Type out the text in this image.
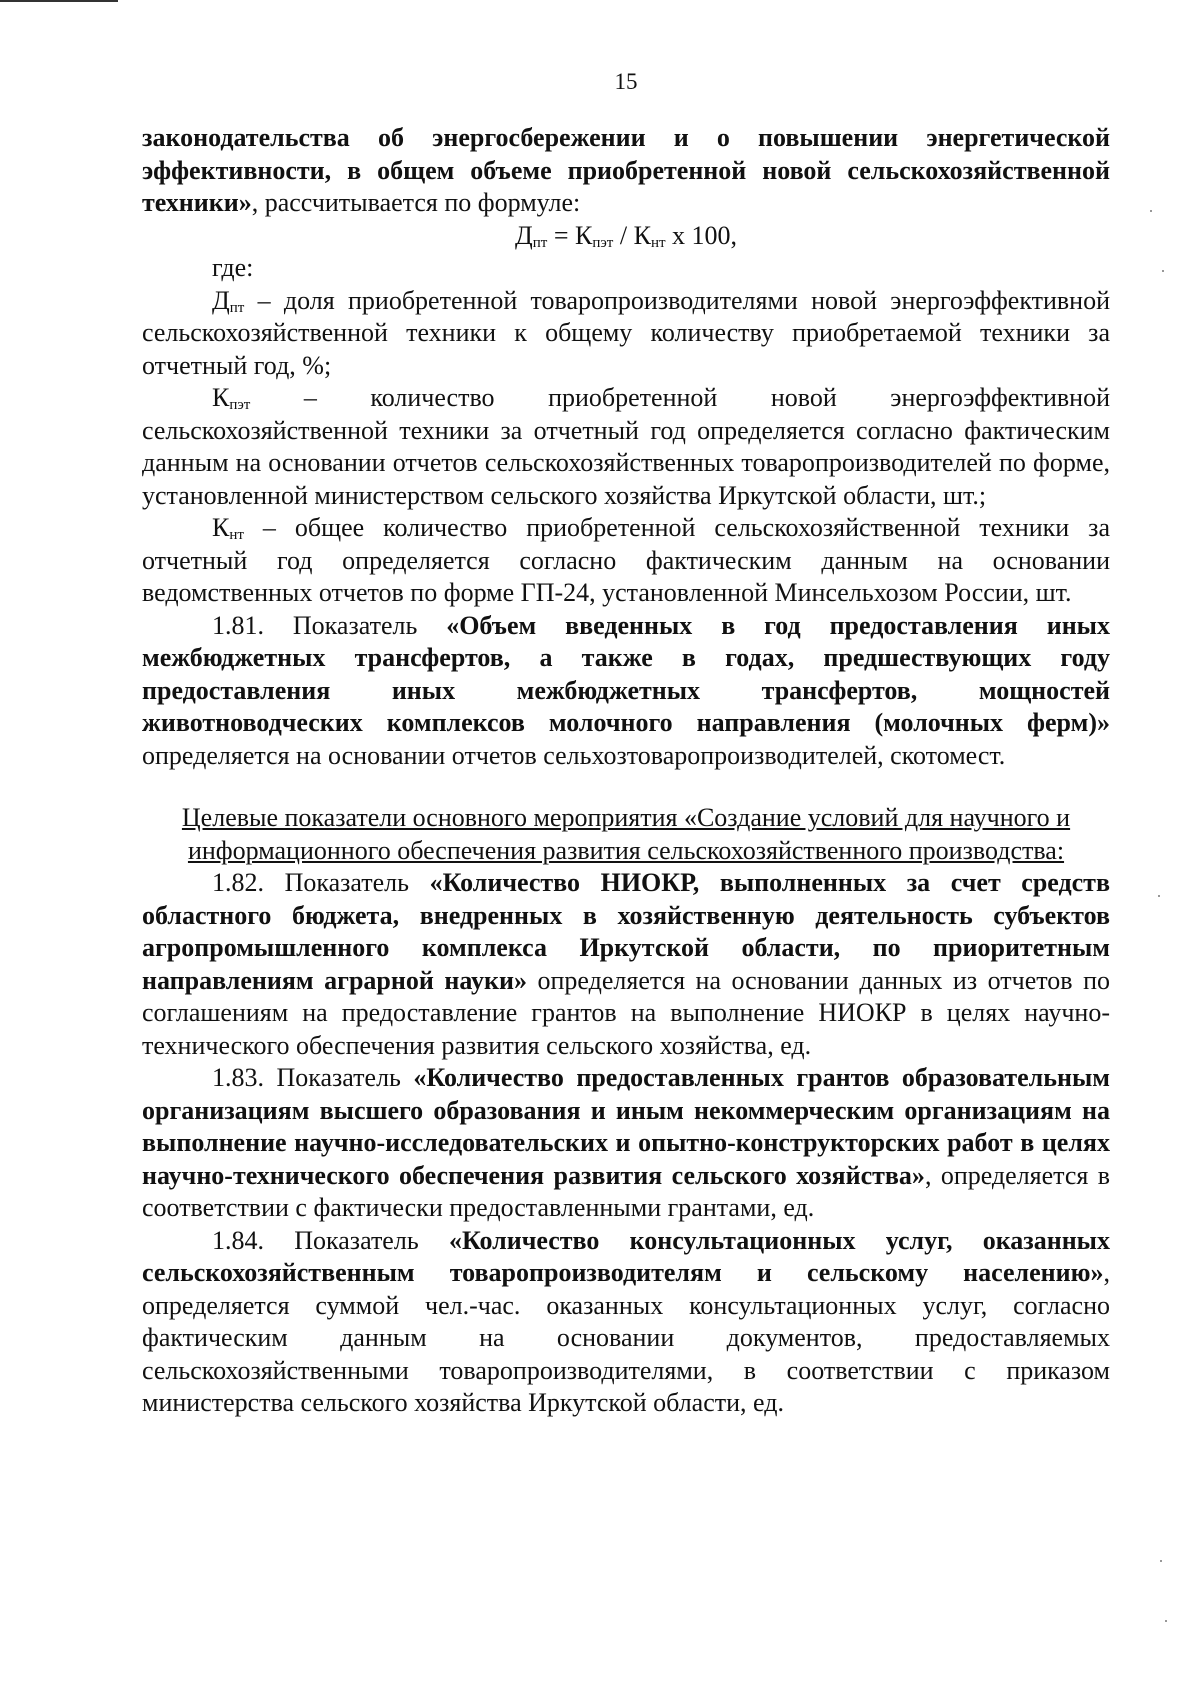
15

законодательства об энергосбережении и о повышении энергетической эффективности, в общем объеме приобретенной новой сельскохозяйственной техники», рассчитывается по формуле:

$Д_{пт} = К_{пэт} / К_{нт}$ х 100,

где:

$Д_{пт}$ – доля приобретенной товаропроизводителями новой энергоэффективной сельскохозяйственной техники к общему количеству приобретаемой техники за отчетный год, %;

$К_{пэт}$ – количество приобретенной новой энергоэффективной сельскохозяйственной техники за отчетный год определяется согласно фактическим данным на основании отчетов сельскохозяйственных товаропроизводителей по форме, установленной министерством сельского хозяйства Иркутской области, шт.;

$К_{нт}$ – общее количество приобретенной сельскохозяйственной техники за отчетный год определяется согласно фактическим данным на основании ведомственных отчетов по форме ГП-24, установленной Минсельхозом России, шт.

1.81. Показатель «Объем введенных в год предоставления иных межбюджетных трансфертов, а также в годах, предшествующих году предоставления иных межбюджетных трансфертов, мощностей животноводческих комплексов молочного направления (молочных ферм)» определяется на основании отчетов сельхозтоваропроизводителей, скотомест.

Целевые показатели основного мероприятия «Создание условий для научного и информационного обеспечения развития сельскохозяйственного производства:

1.82. Показатель «Количество НИОКР, выполненных за счет средств областного бюджета, внедренных в хозяйственную деятельность субъектов агропромышленного комплекса Иркутской области, по приоритетным направлениям аграрной науки» определяется на основании данных из отчетов по соглашениям на предоставление грантов на выполнение НИОКР в целях научно-технического обеспечения развития сельского хозяйства, ед.

1.83. Показатель «Количество предоставленных грантов образовательным организациям высшего образования и иным некоммерческим организациям на выполнение научно-исследовательских и опытно-конструкторских работ в целях научно-технического обеспечения развития сельского хозяйства», определяется в соответствии с фактически предоставленными грантами, ед.

1.84. Показатель «Количество консультационных услуг, оказанных сельскохозяйственным товаропроизводителям и сельскому населению», определяется суммой чел.-час. оказанных консультационных услуг, согласно фактическим данным на основании документов, предоставляемых сельскохозяйственными товаропроизводителями, в соответствии с приказом министерства сельского хозяйства Иркутской области, ед.
